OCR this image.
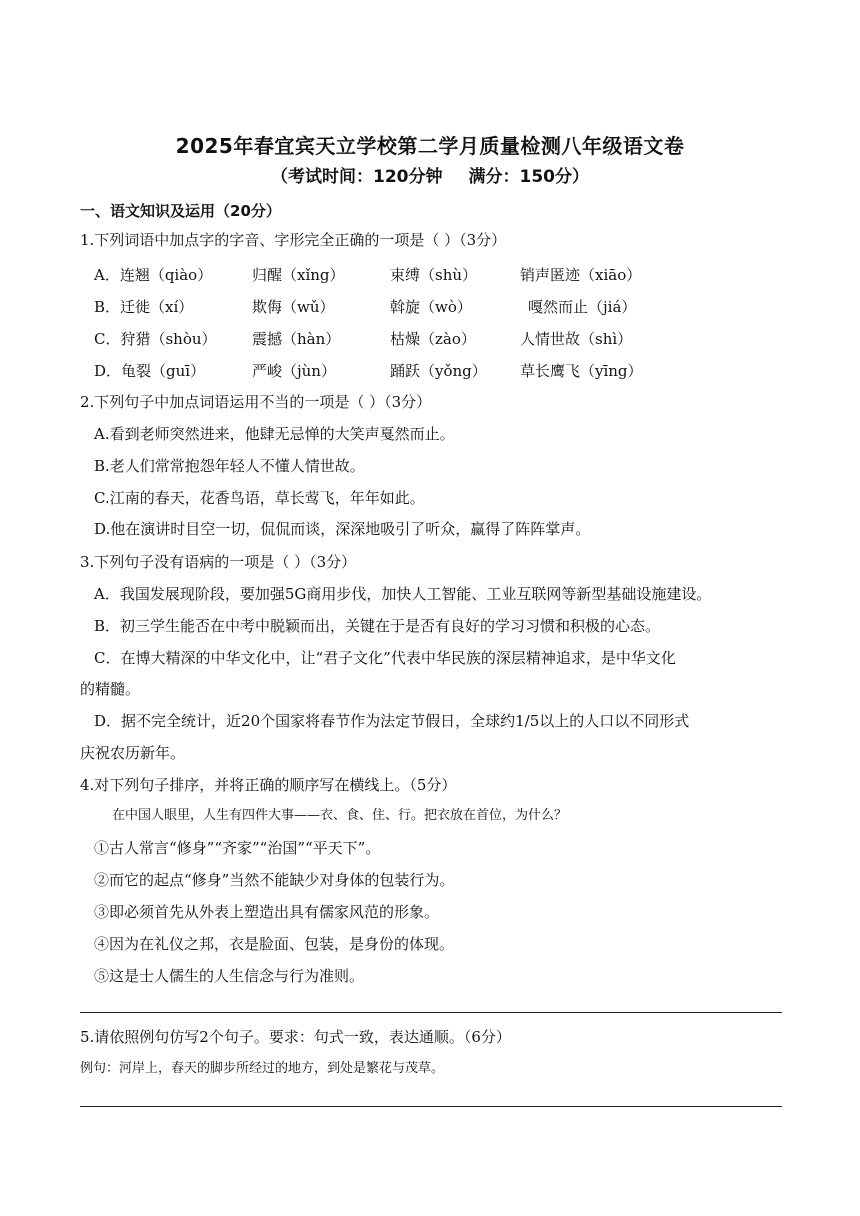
2025年春宜宾天立学校第二学月质量检测八年级语文卷
（考试时间：120分钟 满分：150分）
一、语文知识及运用（20分）
1.下列词语中加点字的字音、字形完全正确的一项是（ ）（3分）
A．连翘（qiào）	归醒（xǐng）	束缚（shù）	销声匿迹（xiāo）
B．迁徙（xí）	欺侮（wǔ）	斡旋（wò）	嘎然而止（jiá）
C．狩猎（shòu） 震撼（hàn）	枯燥（zào）	人情世故（shì）
D．龟裂（guī）	严峻（jùn）	踊跃（yǒng） 草长鹰飞（yīng）
2.下列句子中加点词语运用不当的一项是（ ）（3分）
A.看到老师突然进来，他肆无忌惮的大笑声戛然而止。
B.老人们常常抱怨年轻人不懂人情世故。
C.江南的春天，花香鸟语，草长莺飞，年年如此。
D.他在演讲时目空一切，侃侃而谈，深深地吸引了听众，赢得了阵阵掌声。
3.下列句子没有语病的一项是（ ）（3分）
A．我国发展现阶段，要加强5G商用步伐，加快人工智能、工业互联网等新型基础设施建设。
B．初三学生能否在中考中脱颖而出，关键在于是否有良好的学习习惯和积极的心态。
C．在博大精深的中华文化中，让“君子文化”代表中华民族的深层精神追求，是中华文化
的精髓。
D．据不完全统计，近20个国家将春节作为法定节假日，全球约1/5以上的人口以不同形式
庆祝农历新年。
4.对下列句子排序，并将正确的顺序写在横线上。（5分）
在中国人眼里，人生有四件大事——衣、食、住、行。把衣放在首位，为什么？
①古人常言“修身”“齐家”“治国”“平天下”。
②而它的起点“修身”当然不能缺少对身体的包装行为。
③即必须首先从外表上塑造出具有儒家风范的形象。
④因为在礼仪之邦，衣是脸面、包装，是身份的体现。
⑤这是士人儒生的人生信念与行为准则。
5.请依照例句仿写2个句子。要求：句式一致，表达通顺。（6分）
例句：河岸上，春天的脚步所经过的地方，到处是繁花与茂草。
